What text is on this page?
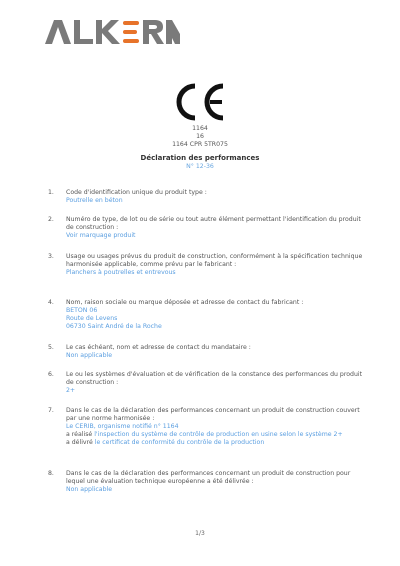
1164
16
1164 CPR 5TR075
Déclaration des performances
N° 12-36
1. Code d'identification unique du produit type :
Poutrelle en béton
2. Numéro de type, de lot ou de série ou tout autre élément permettant l'identification du produit de construction :
Voir marquage produit
3. Usage ou usages prévus du produit de construction, conformément à la spécification technique harmonisée applicable, comme prévu par le fabricant :
Planchers à poutrelles et entrevous
4. Nom, raison sociale ou marque déposée et adresse de contact du fabricant :
BETON 06
Route de Levens
06730 Saint André de la Roche
5. Le cas échéant, nom et adresse de contact du mandataire :
Non applicable
6. Le ou les systèmes d'évaluation et de vérification de la constance des performances du produit de construction :
2+
7. Dans le cas de la déclaration des performances concernant un produit de construction couvert par une norme harmonisée :
Le CERIB, organisme notifié n° 1164
a réalisé l'inspection du système de contrôle de production en usine selon le système 2+
a délivré le certificat de conformité du contrôle de la production
8. Dans le cas de la déclaration des performances concernant un produit de construction pour lequel une évaluation technique européenne a été délivrée :
Non applicable
1/3
